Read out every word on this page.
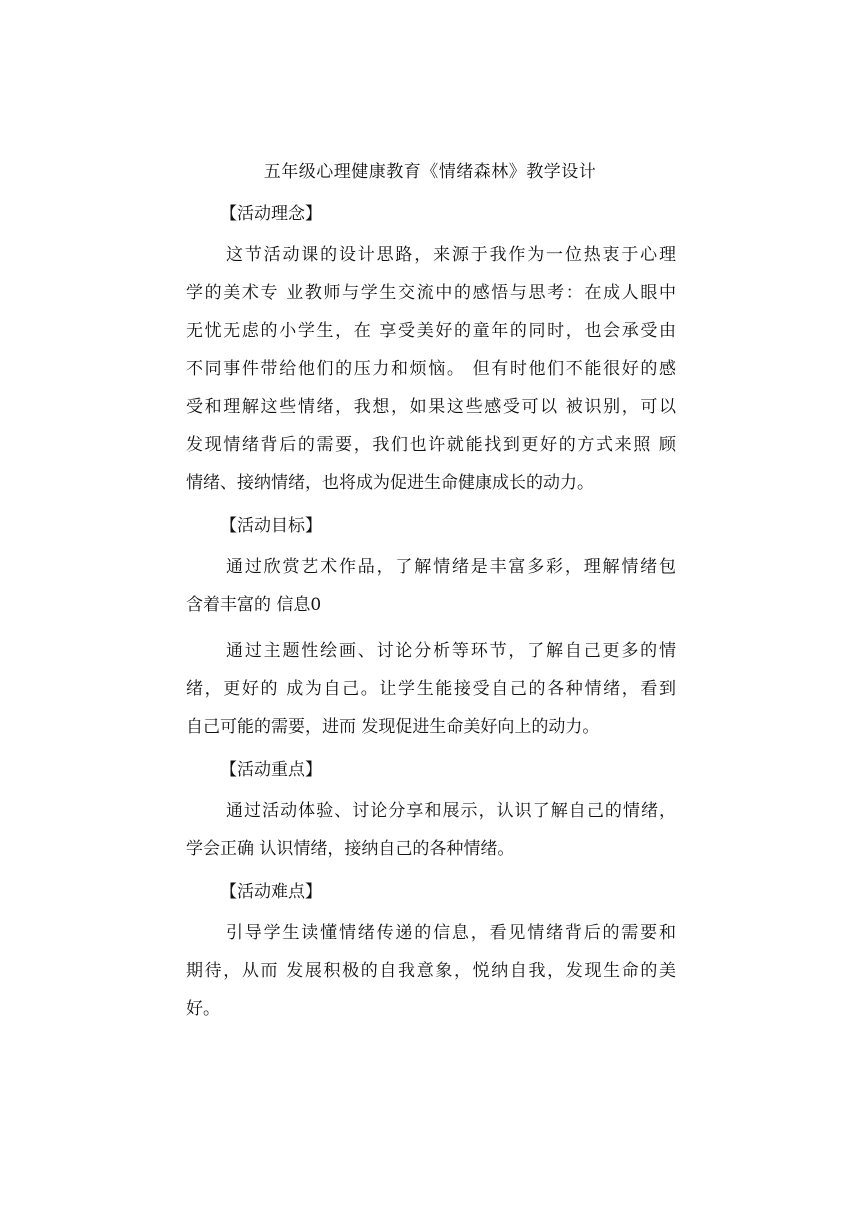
五年级心理健康教育《情绪森林》教学设计
【活动理念】
这节活动课的设计思路，来源于我作为一位热衷于心理
学的美术专 业教师与学生交流中的感悟与思考：在成人眼中
无忧无虑的小学生，在 享受美好的童年的同时，也会承受由
不同事件带给他们的压力和烦恼。 但有时他们不能很好的感
受和理解这些情绪，我想，如果这些感受可以 被识别，可以
发现情绪背后的需要，我们也许就能找到更好的方式来照 顾
情绪、接纳情绪，也将成为促进生命健康成长的动力。
【活动目标】
通过欣赏艺术作品，了解情绪是丰富多彩，理解情绪包
含着丰富的 信息0
通过主题性绘画、讨论分析等环节，了解自己更多的情
绪，更好的 成为自己。让学生能接受自己的各种情绪，看到
自己可能的需要，进而 发现促进生命美好向上的动力。
【活动重点】
通过活动体验、讨论分享和展示，认识了解自己的情绪，
学会正确 认识情绪，接纳自己的各种情绪。
【活动难点】
引导学生读懂情绪传递的信息，看见情绪背后的需要和
期待，从而 发展积极的自我意象，悦纳自我，发现生命的美
好。
